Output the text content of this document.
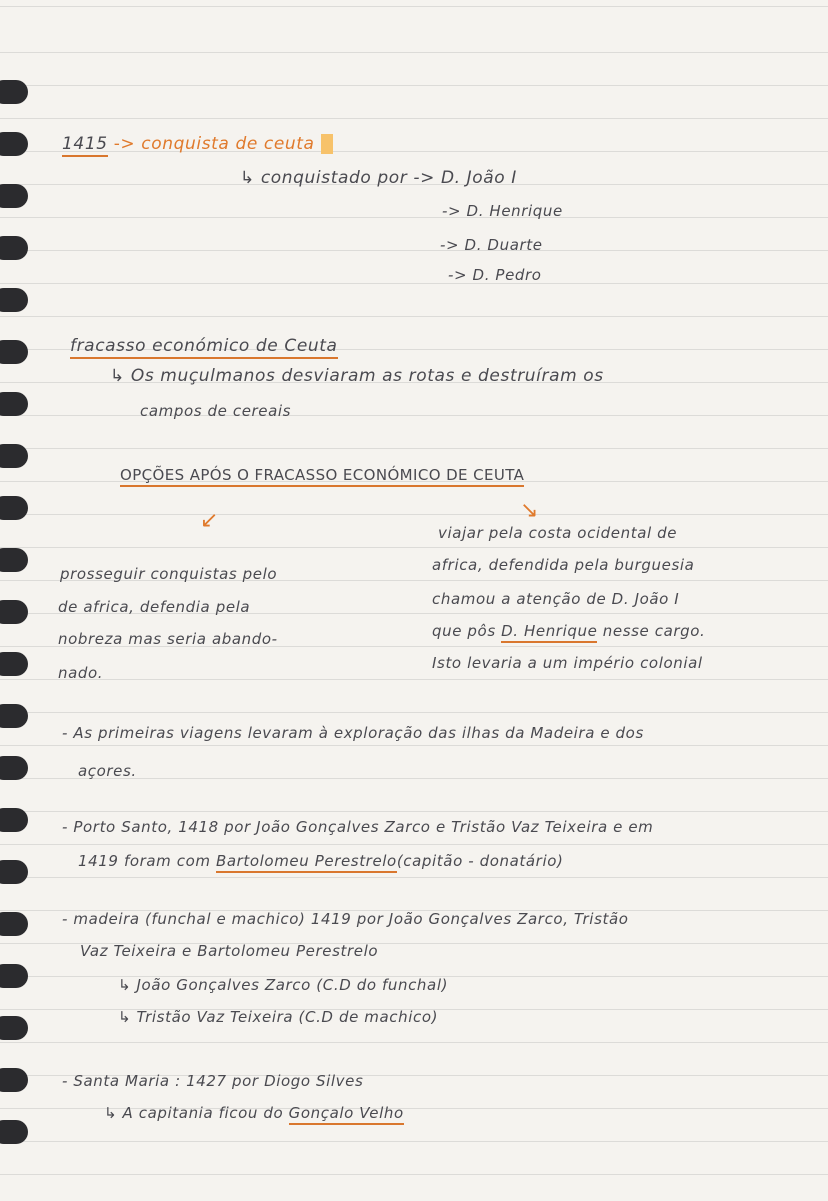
1415 -> conquista de ceuta
↳ conquistado por -> D. João I
-> D. Henrique
-> D. Duarte
-> D. Pedro
fracasso económico de Ceuta
↳ Os muçulmanos desviaram as rotas e destruíram os
campos de cereais
OPÇÕES APÓS O FRACASSO ECONÓMICO DE CEUTA
↙	↘
prosseguir conquistas pelo
de africa, defendia pela
nobreza mas seria abando-
nado.
viajar pela costa ocidental de
africa, defendida pela burguesia
chamou a atenção de D. João I
que pôs D. Henrique nesse cargo.
Isto levaria a um império colonial
- As primeiras viagens levaram à exploração das ilhas da Madeira e dos
açores.
- Porto Santo, 1418 por João Gonçalves Zarco e Tristão Vaz Teixeira e em
1419 foram com Bartolomeu Perestrelo(capitão - donatário)
- madeira (funchal e machico) 1419 por João Gonçalves Zarco, Tristão
Vaz Teixeira e Bartolomeu Perestrelo
↳ João Gonçalves Zarco (C.D do funchal)
↳ Tristão Vaz Teixeira (C.D de machico)
- Santa Maria : 1427 por Diogo Silves
↳ A capitania ficou do Gonçalo Velho
